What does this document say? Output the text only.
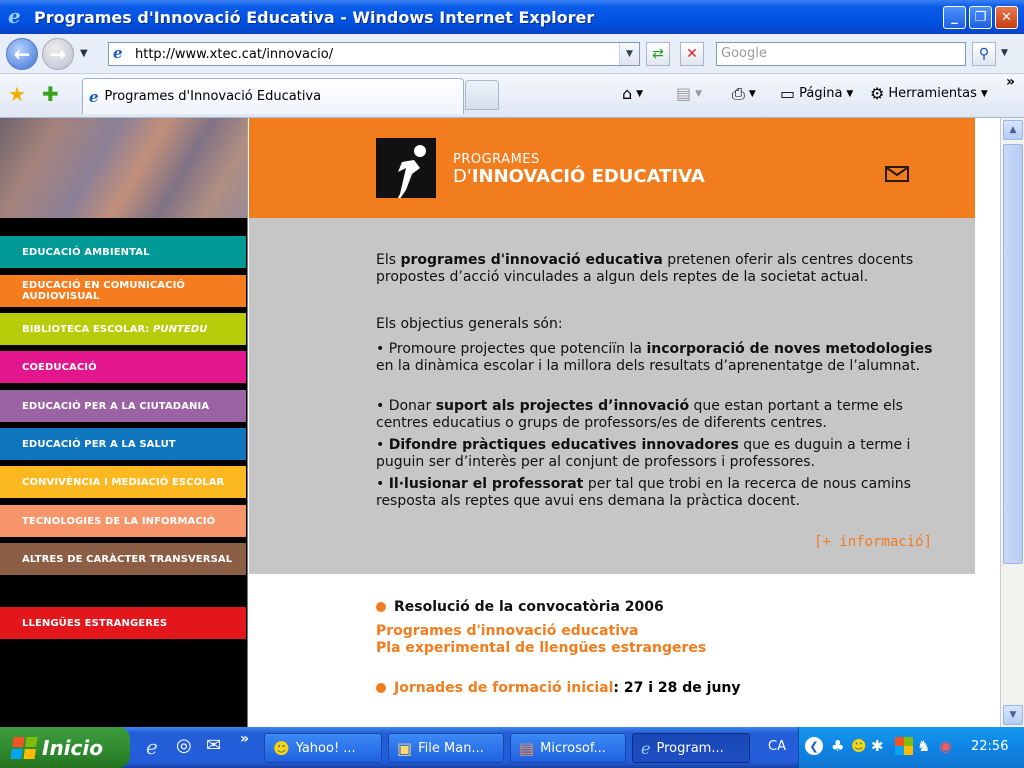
e Programes d'Innovació Educativa - Windows Internet Explorer	_	❐	✕
← →	▼ e http://www.xtec.cat/innovacio/	▼	⇄	✕	Google	⚲	▼
★ ✚ e Programes d'Innovació Educativa	⌂ ▼ ▤ ▼ ⎙ ▼ ▭ Página ▼ ⚙ Herramientas ▼
»
EDUCACIÓ AMBIENTAL
EDUCACIÓ EN COMUNICACIÓ AUDIOVISUAL
BIBLIOTECA ESCOLAR: PUNTEDU
COEDUCACIÓ
EDUCACIÓ PER A LA CIUTADANIA
EDUCACIÓ PER A LA SALUT
CONVIVÈNCIA I MEDIACIÓ ESCOLAR
TECNOLOGIES DE LA INFORMACIÓ
ALTRES DE CARÀCTER TRANSVERSAL
LLENGÜES ESTRANGERES
PROGRAMES
D'INNOVACIÓ EDUCATIVA

Els programes d'innovació educativa pretenen oferir als centres docents propostes d’acció vinculades a algun dels reptes de la societat actual.

Els objectius generals són:

• Promoure projectes que potenciïn la incorporació de noves metodologies en la dinàmica escolar i la millora dels resultats d’aprenentatge de l’alumnat.

• Donar suport als projectes d’innovació que estan portant a terme els centres educatius o grups de professors/es de diferents centres.

• Difondre pràctiques educatives innovadores que es duguin a terme i puguin ser d’interès per al conjunt de professors i professores.

• Il·lusionar el professorat per tal que trobi en la recerca de nous camins resposta als reptes que avui ens demana la pràctica docent.

[+ informació]
Resolució de la convocatòria 2006
Programes d'innovació educativa
Pla experimental de llengües estrangeres
Jornades de formació inicial: 27 i 28 de juny
▲
▼
Inicio e ◎ ✉ » ☻ Yahoo! ...	▣ File Man... ▤ Microsof... e Program...	CA	❮ ♣ ☻ ✱ ♞ ◉ 22:56
